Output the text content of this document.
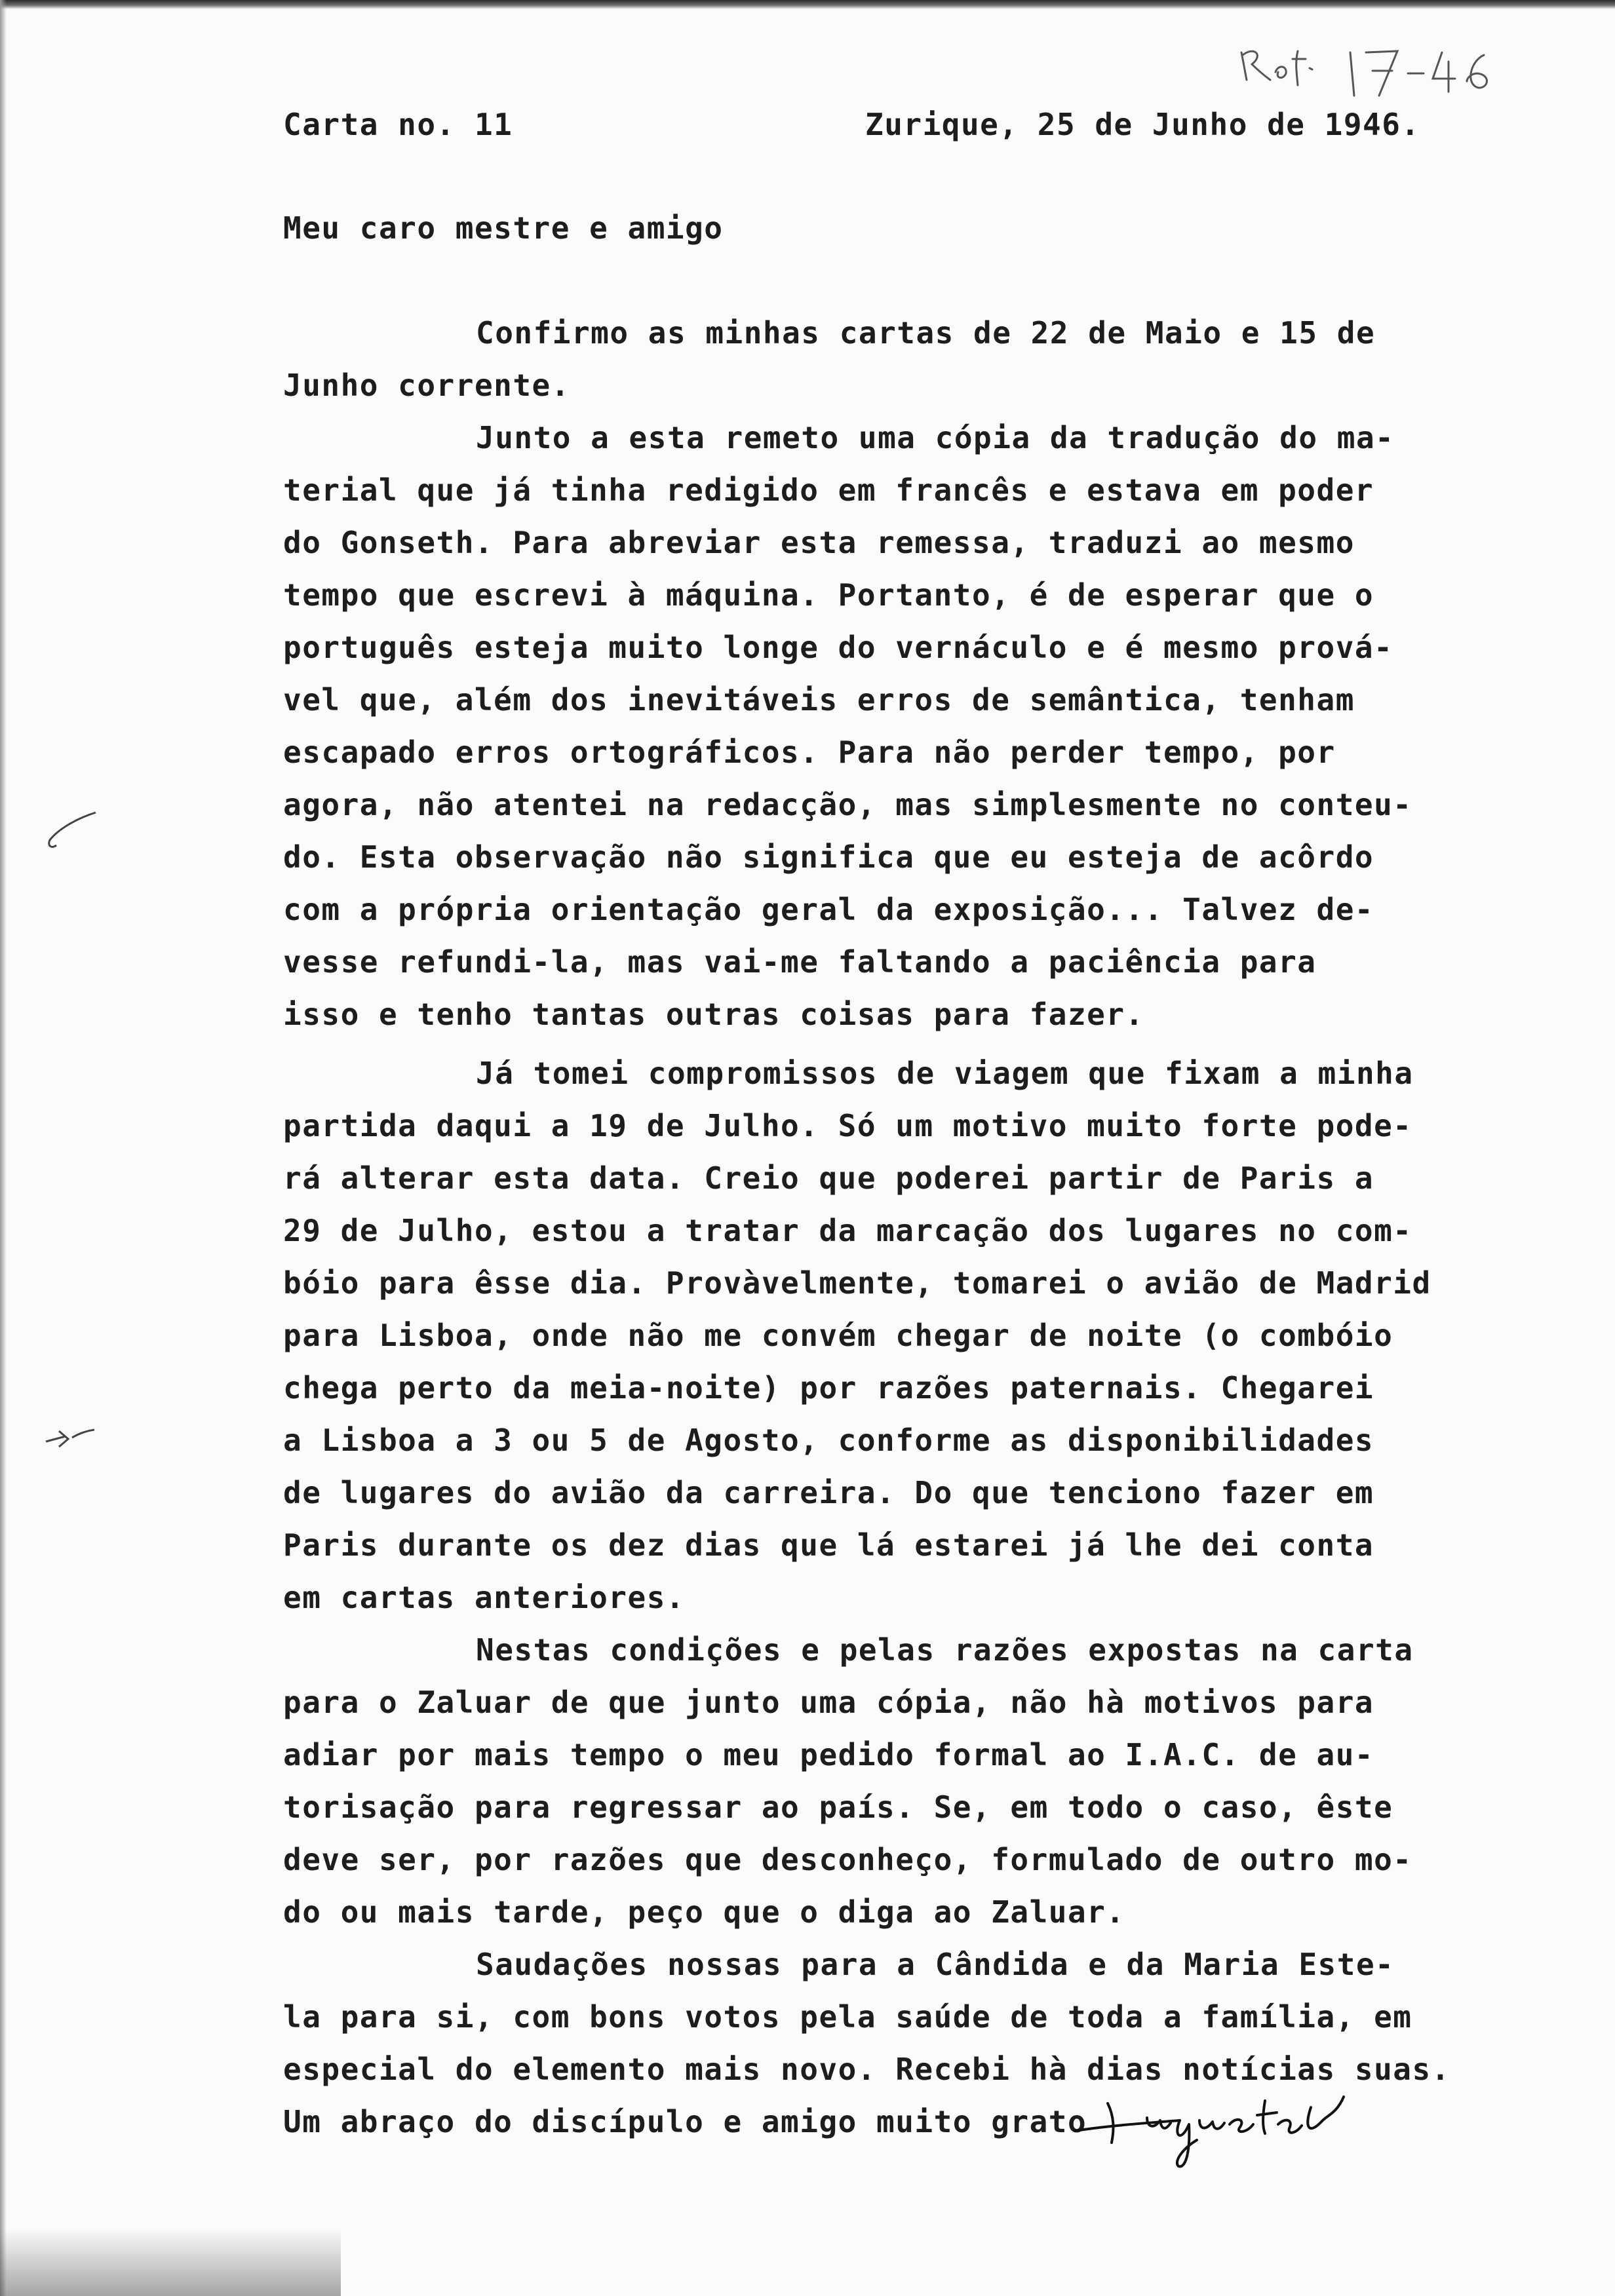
Carta no. 11	Zurique, 25 de Junho de 1946.
Meu caro mestre e amigo
Confirmo as minhas cartas de 22 de Maio e 15 de
Junho corrente.
Junto a esta remeto uma cópia da tradução do ma-
terial que já tinha redigido em francês e estava em poder
do Gonseth. Para abreviar esta remessa, traduzi ao mesmo
tempo que escrevi à máquina. Portanto, é de esperar que o
português esteja muito longe do vernáculo e é mesmo prová-
vel que, além dos inevitáveis erros de semântica, tenham
escapado erros ortográficos. Para não perder tempo, por
agora, não atentei na redacção, mas simplesmente no conteu-
do. Esta observação não significa que eu esteja de acôrdo
com a própria orientação geral da exposição... Talvez de-
vesse refundi-la, mas vai-me faltando a paciência para
isso e tenho tantas outras coisas para fazer.
Já tomei compromissos de viagem que fixam a minha
partida daqui a 19 de Julho. Só um motivo muito forte pode-
rá alterar esta data. Creio que poderei partir de Paris a
29 de Julho, estou a tratar da marcação dos lugares no com-
bóio para êsse dia. Provàvelmente, tomarei o avião de Madrid
para Lisboa, onde não me convém chegar de noite (o combóio
chega perto da meia-noite) por razões paternais. Chegarei
a Lisboa a 3 ou 5 de Agosto, conforme as disponibilidades
de lugares do avião da carreira. Do que tenciono fazer em
Paris durante os dez dias que lá estarei já lhe dei conta
em cartas anteriores.
Nestas condições e pelas razões expostas na carta
para o Zaluar de que junto uma cópia, não hà motivos para
adiar por mais tempo o meu pedido formal ao I.A.C. de au-
torisação para regressar ao país. Se, em todo o caso, êste
deve ser, por razões que desconheço, formulado de outro mo-
do ou mais tarde, peço que o diga ao Zaluar.
Saudações nossas para a Cândida e da Maria Este-
la para si, com bons votos pela saúde de toda a família, em
especial do elemento mais novo. Recebi hà dias notícias suas.
Um abraço do discípulo e amigo muito grato
